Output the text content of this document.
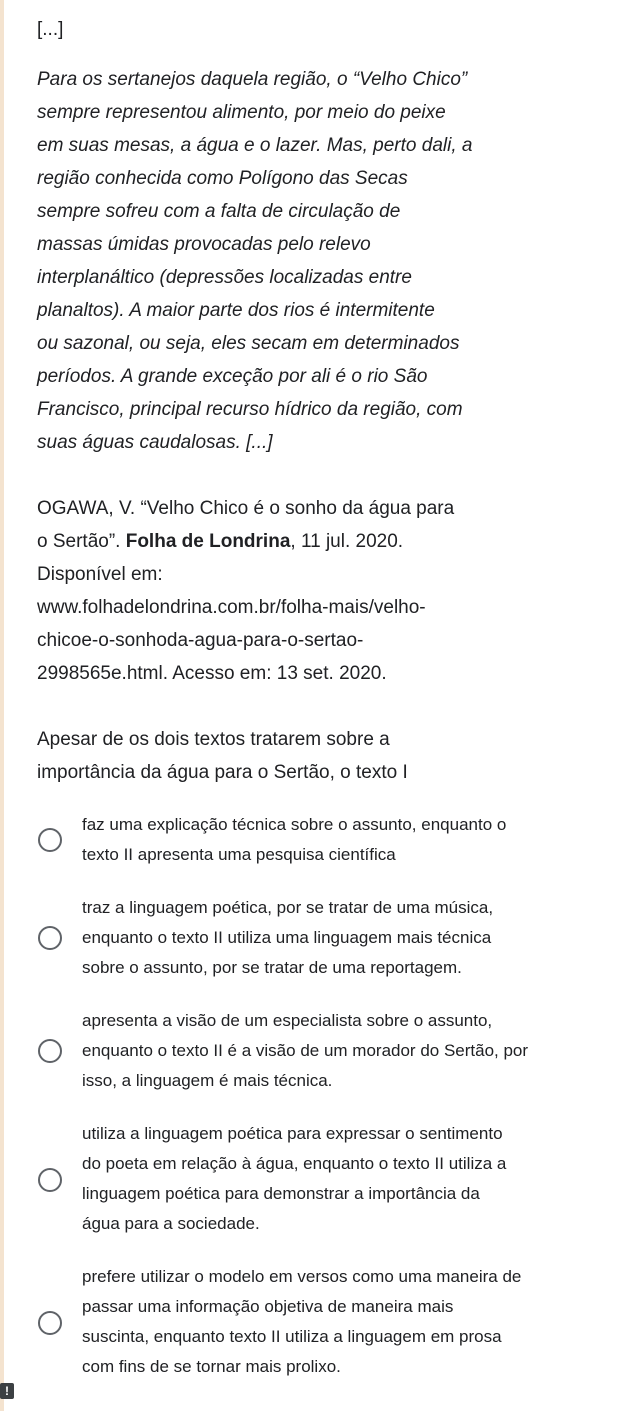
[...]

Para os sertanejos daquela região, o “Velho Chico”
sempre representou alimento, por meio do peixe
em suas mesas, a água e o lazer. Mas, perto dali, a
região conhecida como Polígono das Secas
sempre sofreu com a falta de circulação de
massas úmidas provocadas pelo relevo
interplanáltico (depressões localizadas entre
planaltos). A maior parte dos rios é intermitente
ou sazonal, ou seja, eles secam em determinados
períodos. A grande exceção por ali é o rio São
Francisco, principal recurso hídrico da região, com
suas águas caudalosas. [...]

OGAWA, V. “Velho Chico é o sonho da água para
o Sertão”. Folha de Londrina, 11 jul. 2020.
Disponível em:
www.folhadelondrina.com.br/folha-mais/velho-
chicoe-o-sonhoda-agua-para-o-sertao-
2998565e.html. Acesso em: 13 set. 2020.
Apesar de os dois textos tratarem sobre a
importância da água para o Sertão, o texto I
faz uma explicação técnica sobre o assunto, enquanto o
texto II apresenta uma pesquisa científica
traz a linguagem poética, por se tratar de uma música,
enquanto o texto II utiliza uma linguagem mais técnica
sobre o assunto, por se tratar de uma reportagem.
apresenta a visão de um especialista sobre o assunto,
enquanto o texto II é a visão de um morador do Sertão, por
isso, a linguagem é mais técnica.
utiliza a linguagem poética para expressar o sentimento
do poeta em relação à água, enquanto o texto II utiliza a
linguagem poética para demonstrar a importância da
água para a sociedade.
prefere utilizar o modelo em versos como uma maneira de
passar uma informação objetiva de maneira mais
suscinta, enquanto texto II utiliza a linguagem em prosa
com fins de se tornar mais prolixo.
!
